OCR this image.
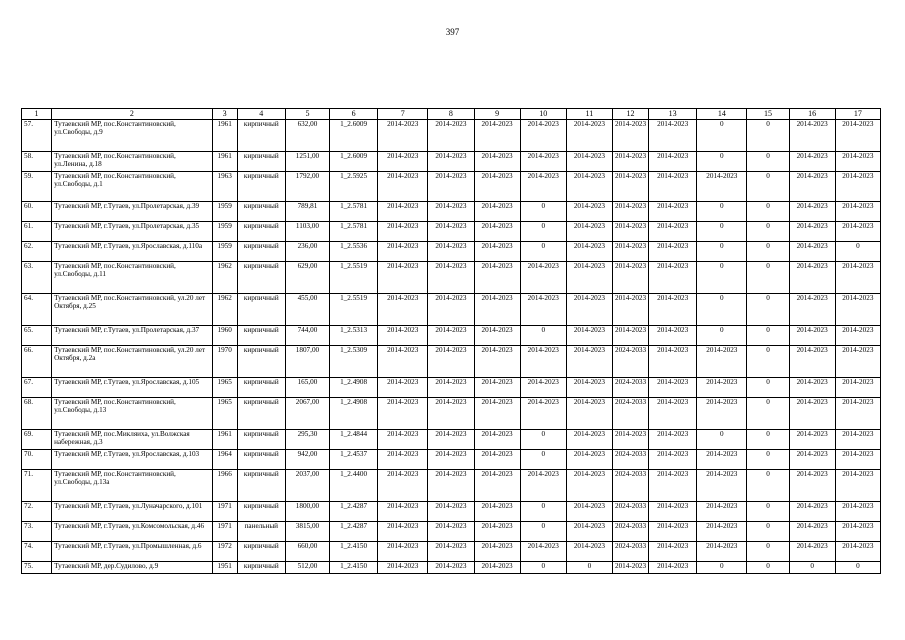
397
1	2	3	4	5	6	7	8	9	10	11	12	13	14	15	16	17
57.	Тутаевский МР, пос.Константиновский, ул.Свободы, д.9	1961	кирпичный	632,00	1_2.6009	2014-2023	2014-2023	2014-2023	2014-2023	2014-2023	2014-2023	2014-2023	0	0	2014-2023	2014-2023
58.	Тутаевский МР, пос.Константиновский, ул.Ленина, д.18	1961	кирпичный	1251,00	1_2.6009	2014-2023	2014-2023	2014-2023	2014-2023	2014-2023	2014-2023	2014-2023	0	0	2014-2023	2014-2023
59.	Тутаевский МР, пос.Константиновский, ул.Свободы, д.1	1963	кирпичный	1792,00	1_2.5925	2014-2023	2014-2023	2014-2023	2014-2023	2014-2023	2014-2023	2014-2023	2014-2023	0	2014-2023	2014-2023
60.	Тутаевский МР, г.Тутаев, ул.Пролетарская, д.39	1959	кирпичный	789,81	1_2.5781	2014-2023	2014-2023	2014-2023	0	2014-2023	2014-2023	2014-2023	0	0	2014-2023	2014-2023
61.	Тутаевский МР, г.Тутаев, ул.Пролетарская, д.35	1959	кирпичный	1103,00	1_2.5781	2014-2023	2014-2023	2014-2023	0	2014-2023	2014-2023	2014-2023	0	0	2014-2023	2014-2023
62.	Тутаевский МР, г.Тутаев, ул.Ярославская, д.110а	1959	кирпичный	236,00	1_2.5536	2014-2023	2014-2023	2014-2023	0	2014-2023	2014-2023	2014-2023	0	0	2014-2023	0
63.	Тутаевский МР, пос.Константиновский, ул.Свободы, д.11	1962	кирпичный	629,00	1_2.5519	2014-2023	2014-2023	2014-2023	2014-2023	2014-2023	2014-2023	2014-2023	0	0	2014-2023	2014-2023
64.	Тутаевский МР, пос.Константиновский, ул.20 лет Октября, д.25	1962	кирпичный	455,00	1_2.5519	2014-2023	2014-2023	2014-2023	2014-2023	2014-2023	2014-2023	2014-2023	0	0	2014-2023	2014-2023
65.	Тутаевский МР, г.Тутаев, ул.Пролетарская, д.37	1960	кирпичный	744,00	1_2.5313	2014-2023	2014-2023	2014-2023	0	2014-2023	2014-2023	2014-2023	0	0	2014-2023	2014-2023
66.	Тутаевский МР, пос.Константиновский, ул.20 лет Октября, д.2а	1970	кирпичный	1807,00	1_2.5309	2014-2023	2014-2023	2014-2023	2014-2023	2014-2023	2024-2033	2014-2023	2014-2023	0	2014-2023	2014-2023
67.	Тутаевский МР, г.Тутаев, ул.Ярославская, д.105	1965	кирпичный	165,00	1_2.4908	2014-2023	2014-2023	2014-2023	2014-2023	2014-2023	2024-2033	2014-2023	2014-2023	0	2014-2023	2014-2023
68.	Тутаевский МР, пос.Константиновский, ул.Свободы, д.13	1965	кирпичный	2067,00	1_2.4908	2014-2023	2014-2023	2014-2023	2014-2023	2014-2023	2024-2033	2014-2023	2014-2023	0	2014-2023	2014-2023
69.	Тутаевский МР, пос.Микляиха, ул.Волжская набережная, д.3	1961	кирпичный	295,30	1_2.4844	2014-2023	2014-2023	2014-2023	0	2014-2023	2014-2023	2014-2023	0	0	2014-2023	2014-2023
70.	Тутаевский МР, г.Тутаев, ул.Ярославская, д.103	1964	кирпичный	942,00	1_2.4537	2014-2023	2014-2023	2014-2023	0	2014-2023	2024-2033	2014-2023	2014-2023	0	2014-2023	2014-2023
71.	Тутаевский МР, пос.Константиновский, ул.Свободы, д.13а	1966	кирпичный	2037,00	1_2.4400	2014-2023	2014-2023	2014-2023	2014-2023	2014-2023	2024-2033	2014-2023	2014-2023	0	2014-2023	2014-2023
72.	Тутаевский МР, г.Тутаев, ул.Луначарского, д.101	1971	кирпичный	1800,00	1_2.4287	2014-2023	2014-2023	2014-2023	0	2014-2023	2024-2033	2014-2023	2014-2023	0	2014-2023	2014-2023
73.	Тутаевский МР, г.Тутаев, ул.Комсомольская, д.46	1971	панельный	3815,00	1_2.4287	2014-2023	2014-2023	2014-2023	0	2014-2023	2024-2033	2014-2023	2014-2023	0	2014-2023	2014-2023
74.	Тутаевский МР, г.Тутаев, ул.Промышленная, д.6	1972	кирпичный	660,00	1_2.4150	2014-2023	2014-2023	2014-2023	2014-2023	2014-2023	2024-2033	2014-2023	2014-2023	0	2014-2023	2014-2023
75.	Тутаевский МР, дер.Судилово, д.9	1951	кирпичный	512,00	1_2.4150	2014-2023	2014-2023	2014-2023	0	0	2014-2023	2014-2023	0	0	0	0
